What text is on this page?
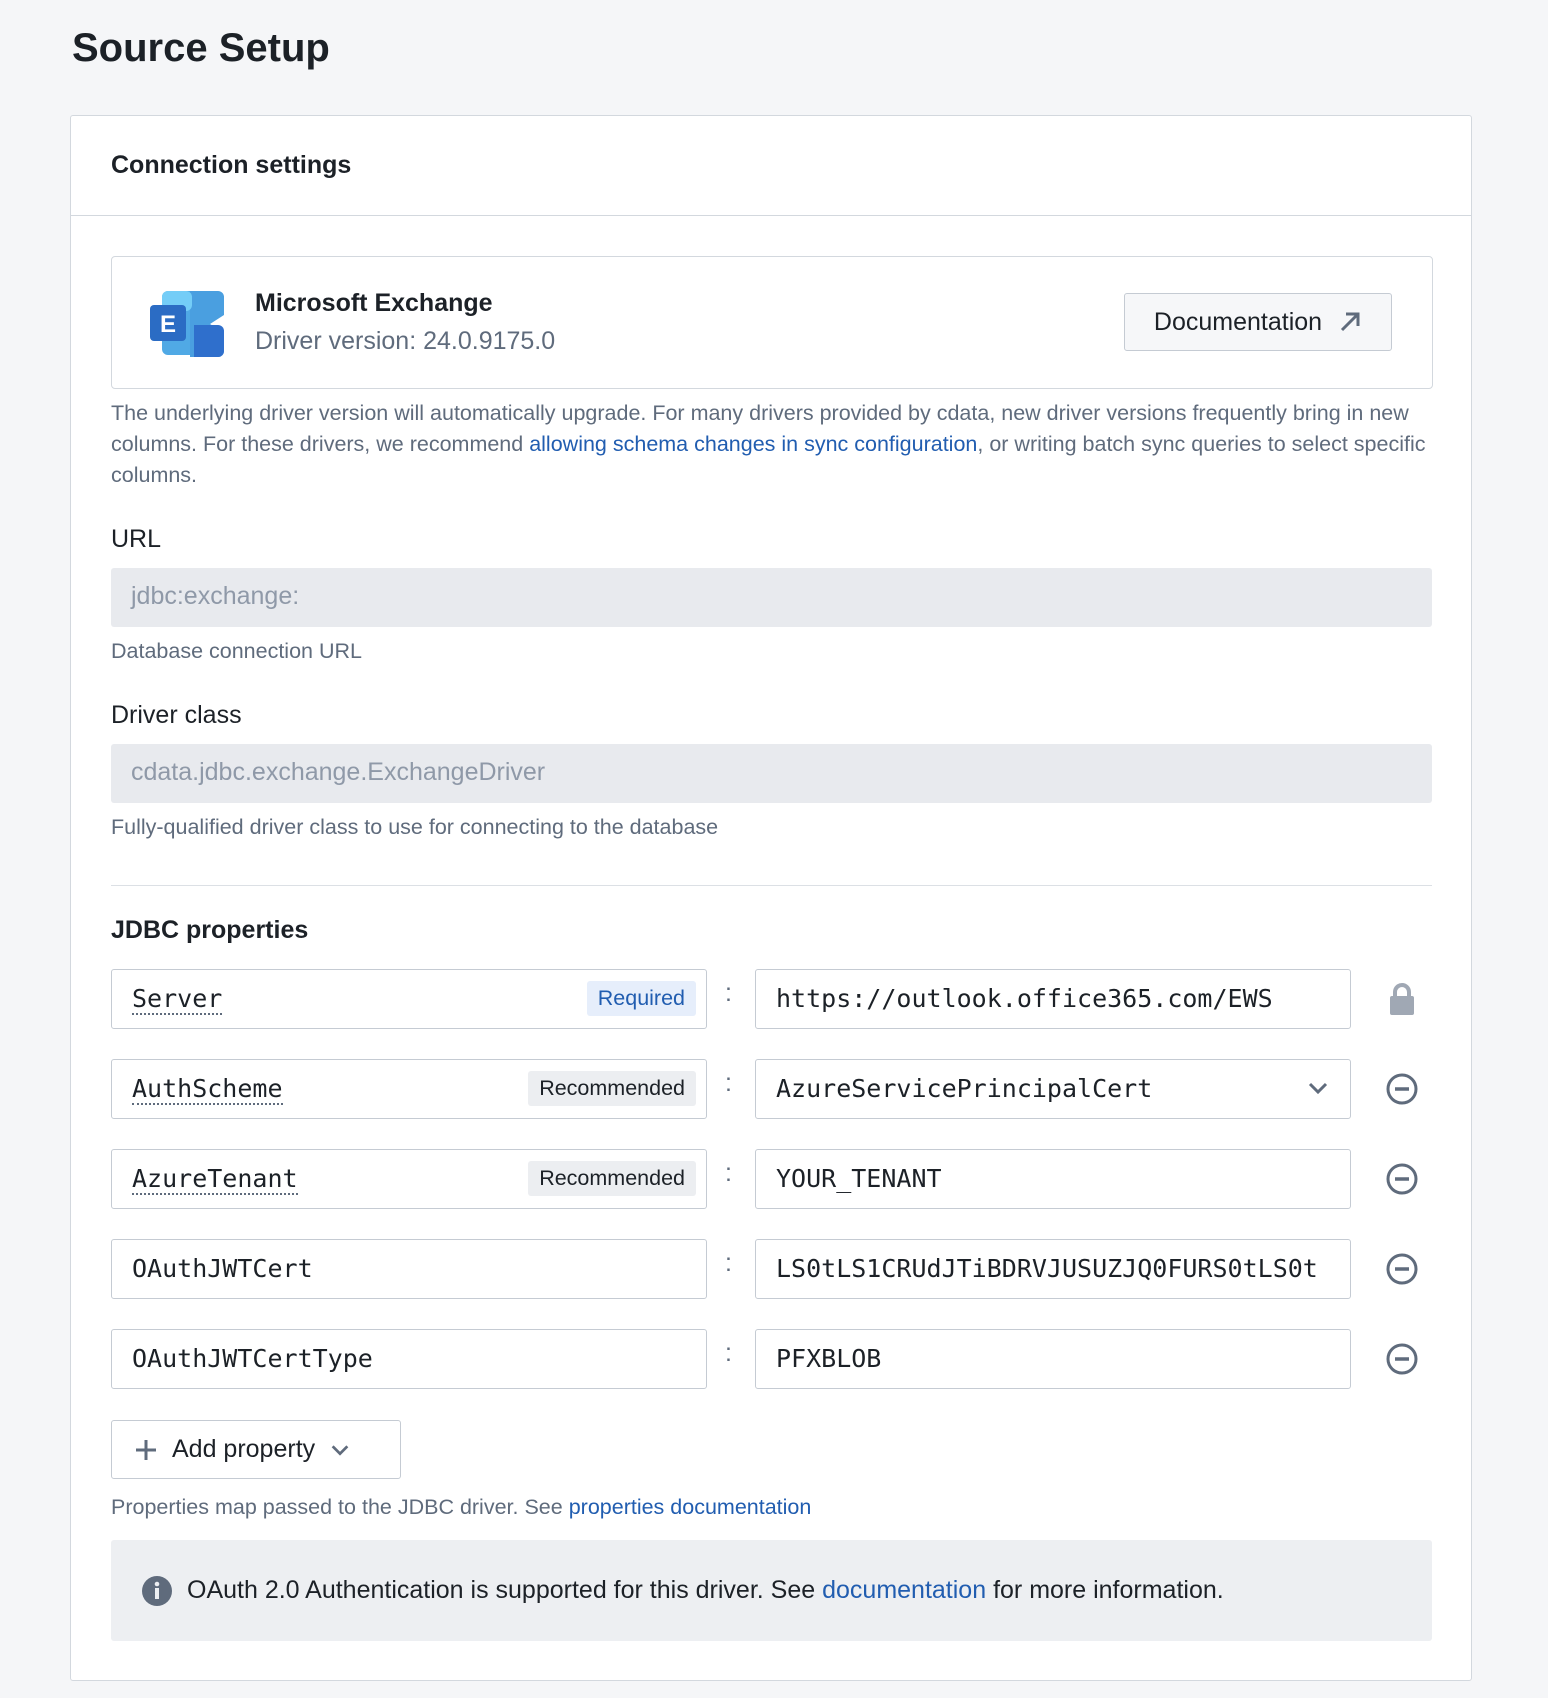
Source Setup
Connection settings
E
Microsoft Exchange
Driver version: 24.0.9175.0
Documentation
The underlying driver version will automatically upgrade. For many drivers provided by cdata, new driver versions frequently bring in new columns. For these drivers, we recommend allowing schema changes in sync configuration, or writing batch sync queries to select specific columns.
URL
jdbc:exchange:
Database connection URL
Driver class
cdata.jdbc.exchange.ExchangeDriver
Fully-qualified driver class to use for connecting to the database
JDBC properties
Server	Required	:	https://outlook.office365.com/EWS
AuthScheme	Recommended	:	AzureServicePrincipalCert
AzureTenant	Recommended	:	YOUR_TENANT
OAuthJWTCert	:	LS0tLS1CRUdJTiBDRVJUSUZJQ0FURS0tLS0t
OAuthJWTCertType	:	PFXBLOB
Add property
Properties map passed to the JDBC driver. See properties documentation
OAuth 2.0 Authentication is supported for this driver. See documentation for more information.
